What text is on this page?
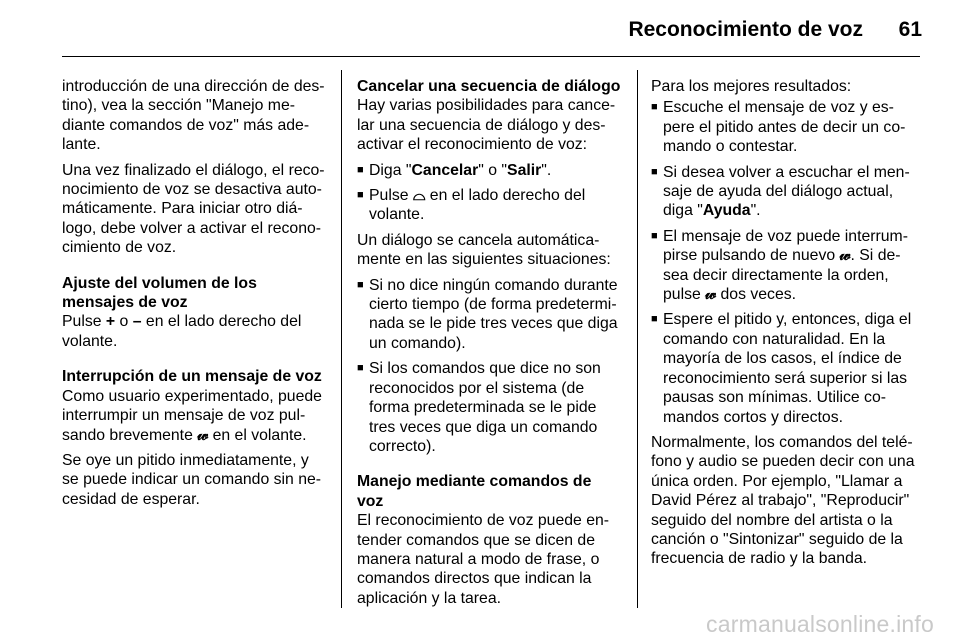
Reconocimiento de voz 61

introducción de una dirección de des-tino), vea la sección "Manejo me-diante comandos de voz" más ade-lante.

Una vez finalizado el diálogo, el reco-nocimiento de voz se desactiva auto-máticamente. Para iniciar otro diá-logo, debe volver a activar el recono-cimiento de voz.

Ajuste del volumen de los mensajes de voz

Pulse + o – en el lado derecho del volante.

Interrupción de un mensaje de voz

Como usuario experimentado, puede interrumpir un mensaje de voz pul-sando brevemente 𝓌 en el volante.

Se oye un pitido inmediatamente, y se puede indicar un comando sin ne-cesidad de esperar.

Cancelar una secuencia de diálogo

Hay varias posibilidades para cance-lar una secuencia de diálogo y des-activar el reconocimiento de voz:

■ Diga "Cancelar" o "Salir".
■ Pulse ⌓ en el lado derecho del volante.

Un diálogo se cancela automática-mente en las siguientes situaciones:

■ Si no dice ningún comando durante cierto tiempo (de forma predetermi-nada se le pide tres veces que diga un comando).
■ Si los comandos que dice no son reconocidos por el sistema (de forma predeterminada se le pide tres veces que diga un comando correcto).

Manejo mediante comandos de voz

El reconocimiento de voz puede en-tender comandos que se dicen de manera natural a modo de frase, o comandos directos que indican la aplicación y la tarea.

Para los mejores resultados:

■ Escuche el mensaje de voz y es-pere el pitido antes de decir un co-mando o contestar.
■ Si desea volver a escuchar el men-saje de ayuda del diálogo actual, diga "Ayuda".
■ El mensaje de voz puede interrum-pirse pulsando de nuevo 𝓌. Si de-sea decir directamente la orden, pulse 𝓌 dos veces.
■ Espere el pitido y, entonces, diga el comando con naturalidad. En la mayoría de los casos, el índice de reconocimiento será superior si las pausas son mínimas. Utilice co-mandos cortos y directos.

Normalmente, los comandos del telé-fono y audio se pueden decir con una única orden. Por ejemplo, "Llamar a David Pérez al trabajo", "Reproducir" seguido del nombre del artista o la canción o "Sintonizar" seguido de la frecuencia de radio y la banda.

carmanualsonline.info
